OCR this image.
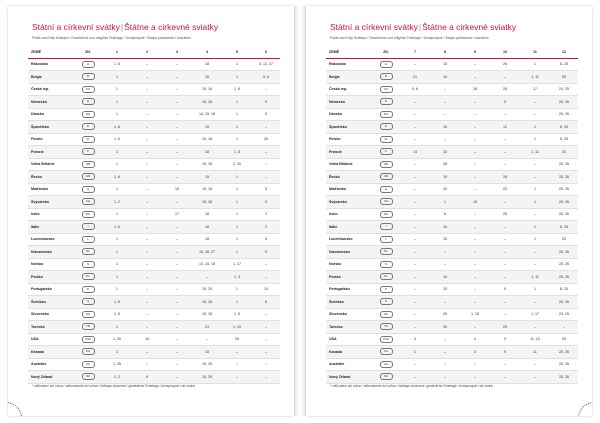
Státní a církevní svátky|Štátne a cirkevné sviatky
Public and Holy Holidays / Gesetzliche und religiöse Feiertage / Ünnepnapok / Święta państwowe i kościelne
ZEMĚ	ZN.	1	2	3	4	5	6
Rakousko	A	1, 6	–	–	18	1	5, 13, 27
Belgie	B	1	–	–	18	1	5, 6
Česká rep.	CZ	1	–	–	15, 18	1, 8	–
Německo	D	1	–	–	15, 18	1	5
Dánsko	DK	1	–	–	14, 15, 18	1	5
Španělsko	E	1, 6	–	–	15	1	–
Finsko	FI	1, 6	–	–	15, 18	1	25
Francie	F	1	–	–	18	1, 8	–
Velká Británie	GB	1	–	–	15, 18	2, 30	–
Řecko	GR	1, 6	–	–	15	1	–
Maďarsko	H	1	–	15	15, 18	1	5
Švýcarsko	CH	1, 2	–	–	15, 18	1	5
Irsko	IRL	1	–	17	18	1	3
Itálie	I	1, 6	–	–	18	1	2
Lucembursko	L	1	–	–	18	1	5
Nizozemsko	NL	1	–	–	15, 18, 27	1	5
Norsko	N	1	–	–	14, 15, 18	1, 17	–
Polsko	PL	1	–	–	–	1, 3	–
Portugalsko	P	1	–	–	15, 25	1	10
Švédsko	S	1, 6	–	–	15, 18	1	6
Slovensko	SK	1, 6	–	–	15, 18	1, 8	–
Turecko	TR	1	–	–	23	1, 19	–
USA	USA	1, 20	15	–	–	25	–
Kanada	CA	1	–	–	15	–	–
Austrálie	AU	1, 26	–	–	15, 25	–	–
Nový Zéland	NZ	1, 2	6	–	15, 25	–	–
* zdůvodení dní volna / zdôvodnenie dní voľna / holidays observed / gesetzliche Feiertage / ünnepnapok / dni wolne
Státní a církevní svátky|Štátne a cirkevné sviatky
Public and Holy Holidays / Gesetzliche und religiöse Feiertage / Ünnepnapok / Święta państwowe i kościelne
ZEMĚ	ZN.	7	8	9	10	11	12
Rakousko	A	–	15	–	26	1	8, 25
Belgie	B	21	15	–	–	1, 11	25
Česká rep.	CZ	5, 6	–	28	28	17	24, 25
Německo	D	–	–	–	3	–	25, 26
Dánsko	DK	–	–	–	–	–	25, 26
Španělsko	E	–	15	–	12	1	6, 25
Finsko	FI	–	–	–	–	1	6, 25
Francie	F	14	15	–	–	1, 11	25
Velká Británie	GB	–	28	–	–	–	25, 26
Řecko	GR	–	15	–	28	–	25, 26
Maďarsko	H	–	20	–	23	1	25, 26
Švýcarsko	CH	–	1	15	–	1	25, 26
Irsko	IRL	–	6	–	28	–	25, 26
Itálie	I	–	15	–	–	1	8, 25
Lucembursko	L	–	15	–	–	1	25
Nizozemsko	NL	–	–	–	–	–	25, 26
Norsko	N	–	–	–	–	–	25, 26
Polsko	PL	–	15	–	–	1, 11	25, 26
Portugalsko	P	–	15	–	5	1	8, 25
Švédsko	S	–	–	–	–	–	25, 26
Slovensko	SK	–	29	1, 15	–	1, 17	24, 25
Turecko	TR	–	30	–	29	–	–
USA	USA	4	–	4	9	11, 23	25
Kanada	CA	1	–	4	9	11	25, 26
Austrálie	AU	–	–	–	–	–	25, 26
Nový Zéland	NZ	–	–	–	–	–	25, 26
* zdůvodení dní volna / zdôvodnenie dní voľna / holidays observed / gesetzliche Feiertage / ünnepnapok / dni wolne
